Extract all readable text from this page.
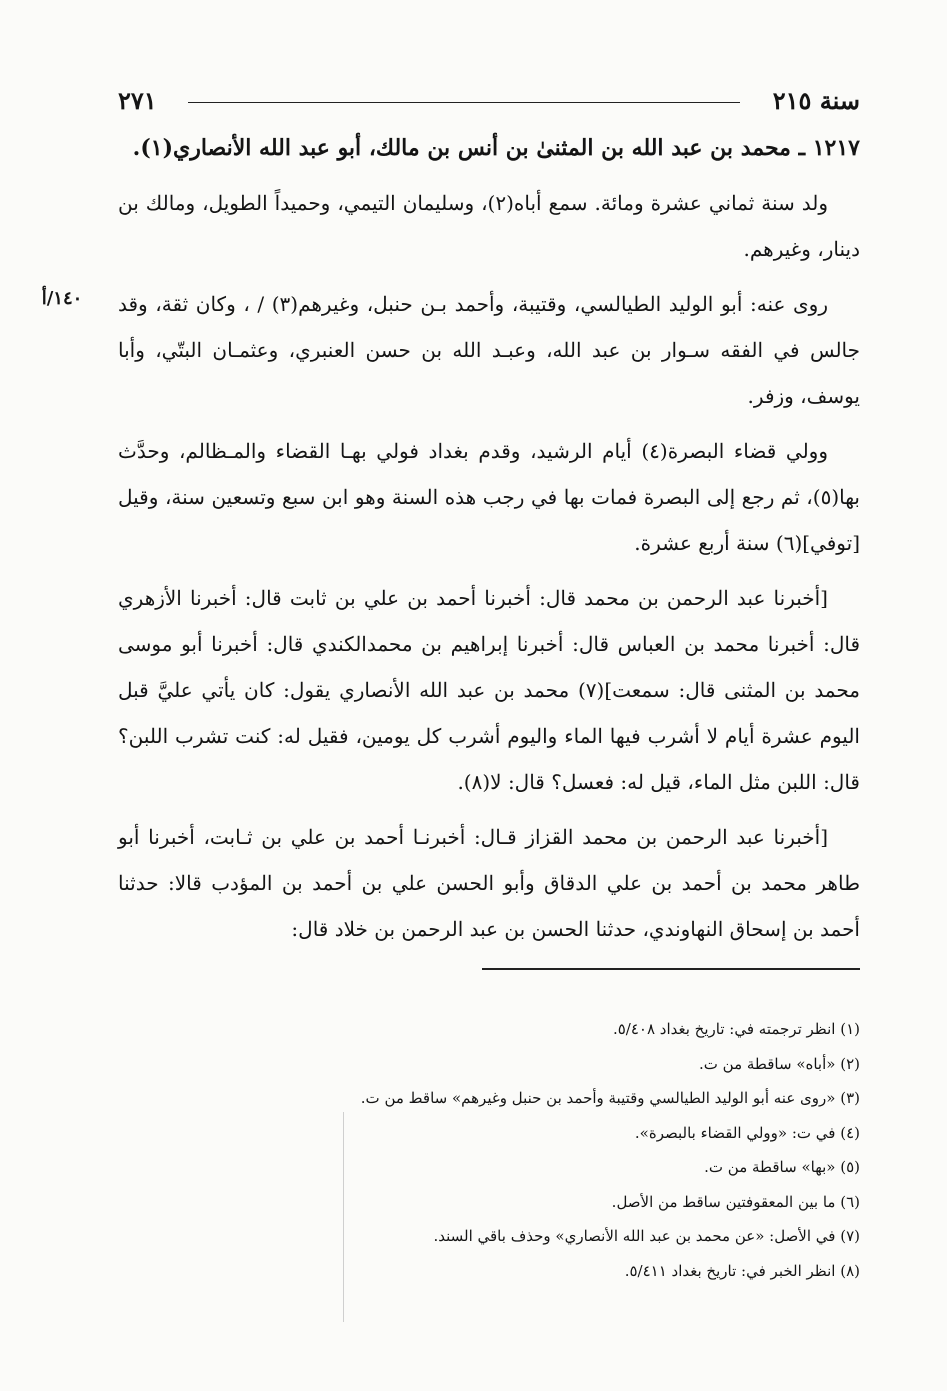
سنة ٢١٥
٢٧١
١٤٠/أ

١٢١٧ ـ محمد بن عبد الله بن المثنىٰ بن أنس بن مالك، أبو عبد الله الأنصاري(١).

ولد سنة ثماني عشرة ومائة. سمع أباه(٢)، وسليمان التيمي، وحميداً الطويل، ومالك بن دينار، وغيرهم.

روى عنه: أبو الوليد الطيالسي، وقتيبة، وأحمد بـن حنبل، وغيرهم(٣) / ، وكان ثقة، وقد جالس في الفقه سـوار بن عبد الله، وعبـد الله بن حسن العنبري، وعثمـان البتّي، وأبا يوسف، وزفر.

وولي قضاء البصرة(٤) أيام الرشيد، وقدم بغداد فولي بهـا القضاء والمـظالم، وحدَّث بها(٥)، ثم رجع إلى البصرة فمات بها في رجب هذه السنة وهو ابن سبع وتسعين سنة، وقيل [توفي](٦) سنة أربع عشرة.

[أخبرنا عبد الرحمن بن محمد قال: أخبرنا أحمد بن علي بن ثابت قال: أخبرنا الأزهري قال: أخبرنا محمد بن العباس قال: أخبرنا إبراهيم بن محمدالكندي قال: أخبرنا أبو موسى محمد بن المثنى قال: سمعت](٧) محمد بن عبد الله الأنصاري يقول: كان يأتي عليَّ قبل اليوم عشرة أيام لا أشرب فيها الماء واليوم أشرب كل يومين، فقيل له: كنت تشرب اللبن؟ قال: اللبن مثل الماء، قيل له: فعسل؟ قال: لا(٨).

[أخبرنا عبد الرحمن بن محمد القزاز قـال: أخبرنـا أحمد بن علي بن ثـابت، أخبرنا أبو طاهر محمد بن أحمد بن علي الدقاق وأبو الحسن علي بن أحمد بن المؤدب قالا: حدثنا أحمد بن إسحاق النهاوندي، حدثنا الحسن بن عبد الرحمن بن خلاد قال:

(١) انظر ترجمته في: تاريخ بغداد ٥/٤٠٨.
(٢) «أباه» ساقطة من ت.
(٣) «روى عنه أبو الوليد الطيالسي وقتيبة وأحمد بن حنبل وغيرهم» ساقط من ت.
(٤) في ت: «وولي القضاء بالبصرة».
(٥) «بها» ساقطة من ت.
(٦) ما بين المعقوفتين ساقط من الأصل.
(٧) في الأصل: «عن محمد بن عبد الله الأنصاري» وحذف باقي السند.
(٨) انظر الخبر في: تاريخ بغداد ٥/٤١١.
